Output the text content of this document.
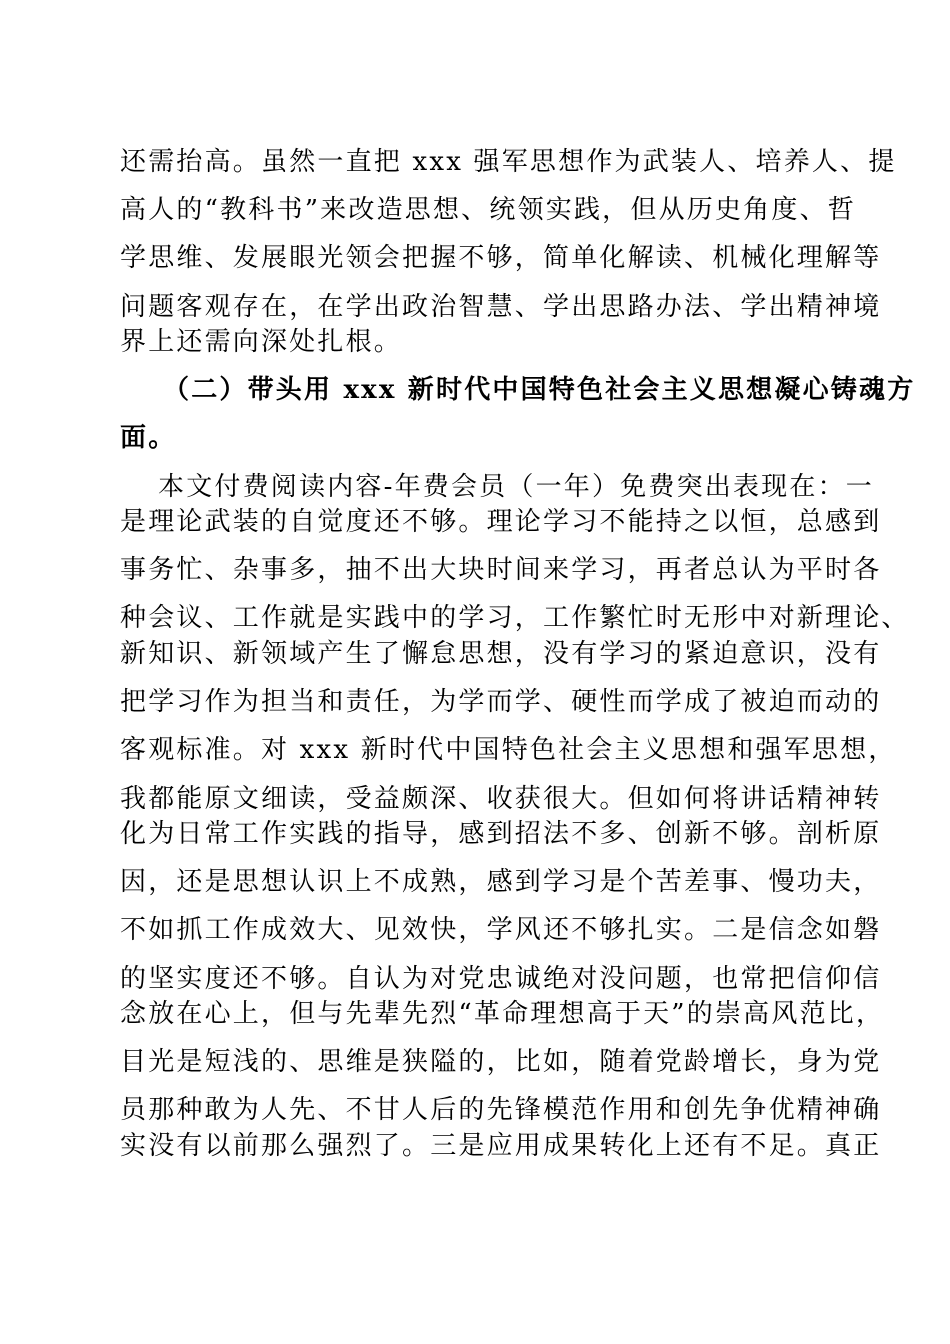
还需抬高。虽然一直把 xxx 强军思想作为武装人、培养人、提
高人的“教科书”来改造思想、统领实践，但从历史角度、哲
学思维、发展眼光领会把握不够，简单化解读、机械化理解等
问题客观存在，在学出政治智慧、学出思路办法、学出精神境
界上还需向深处扎根。
（二）带头用 xxx 新时代中国特色社会主义思想凝心铸魂方
面。
本文付费阅读内容-年费会员（一年）免费突出表现在：一
是理论武装的自觉度还不够。理论学习不能持之以恒，总感到
事务忙、杂事多，抽不出大块时间来学习，再者总认为平时各
种会议、工作就是实践中的学习，工作繁忙时无形中对新理论、
新知识、新领域产生了懈怠思想，没有学习的紧迫意识，没有
把学习作为担当和责任，为学而学、硬性而学成了被迫而动的
客观标准。对 xxx 新时代中国特色社会主义思想和强军思想，
我都能原文细读，受益颇深、收获很大。但如何将讲话精神转
化为日常工作实践的指导，感到招法不多、创新不够。剖析原
因，还是思想认识上不成熟，感到学习是个苦差事、慢功夫，
不如抓工作成效大、见效快，学风还不够扎实。二是信念如磐
的坚实度还不够。自认为对党忠诚绝对没问题，也常把信仰信
念放在心上，但与先辈先烈“革命理想高于天”的崇高风范比，
目光是短浅的、思维是狭隘的，比如，随着党龄增长，身为党
员那种敢为人先、不甘人后的先锋模范作用和创先争优精神确
实没有以前那么强烈了。三是应用成果转化上还有不足。真正
